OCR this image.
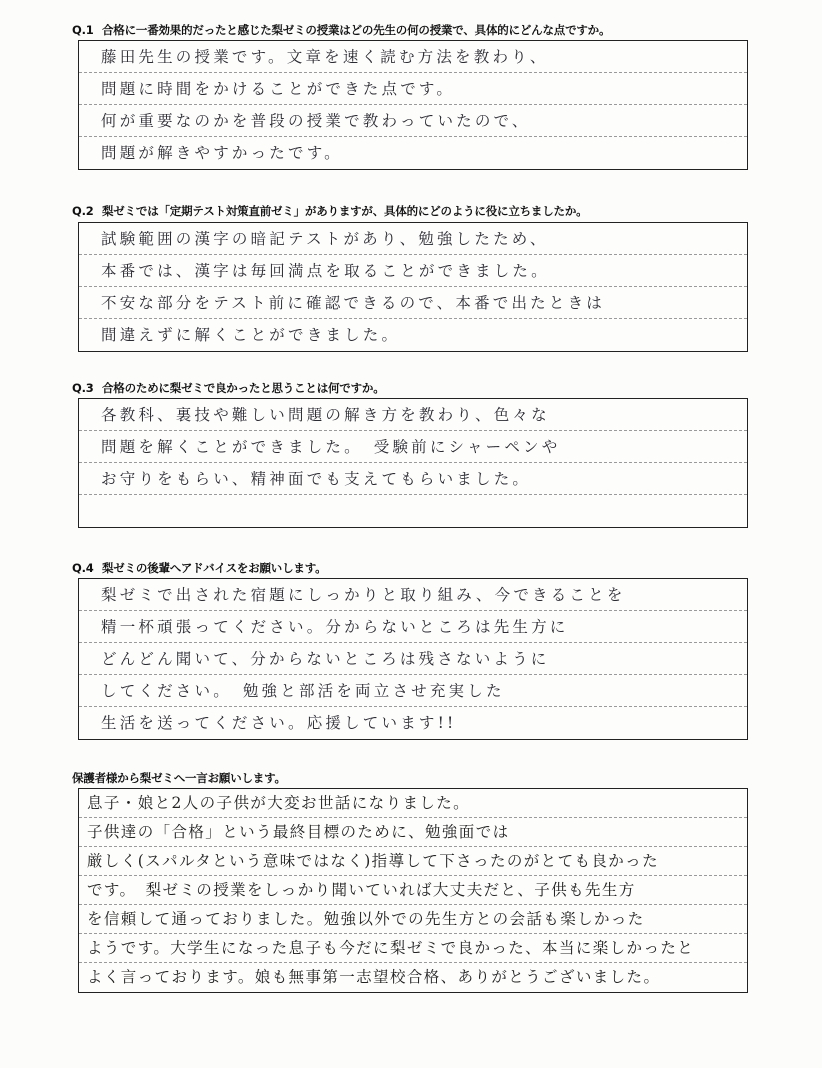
Q.1 合格に一番効果的だったと感じた梨ゼミの授業はどの先生の何の授業で、具体的にどんな点ですか。
藤田先生の授業です。文章を速く読む方法を教わり、
問題に時間をかけることができた点です。
何が重要なのかを普段の授業で教わっていたので、
問題が解きやすかったです。
Q.2 梨ゼミでは「定期テスト対策直前ゼミ」がありますが、具体的にどのように役に立ちましたか。
試験範囲の漢字の暗記テストがあり、勉強したため、
本番では、漢字は毎回満点を取ることができました。
不安な部分をテスト前に確認できるので、本番で出たときは
間違えずに解くことができました。
Q.3 合格のために梨ゼミで良かったと思うことは何ですか。
各教科、裏技や難しい問題の解き方を教わり、色々な
問題を解くことができました。　受験前にシャーペンや
お守りをもらい、精神面でも支えてもらいました。
Q.4 梨ゼミの後輩へアドバイスをお願いします。
梨ゼミで出された宿題にしっかりと取り組み、今できることを
精一杯頑張ってください。分からないところは先生方に
どんどん聞いて、分からないところは残さないように
してください。　勉強と部活を両立させ充実した
生活を送ってください。応援しています!!
保護者様から梨ゼミへ一言お願いします。
息子・娘と2人の子供が大変お世話になりました。
子供達の「合格」という最終目標のために、勉強面では
厳しく(スパルタという意味ではなく)指導して下さったのがとても良かった
です。　梨ゼミの授業をしっかり聞いていれば大丈夫だと、子供も先生方
を信頼して通っておりました。勉強以外での先生方との会話も楽しかった
ようです。大学生になった息子も今だに梨ゼミで良かった、本当に楽しかったと
よく言っております。娘も無事第一志望校合格、ありがとうございました。
